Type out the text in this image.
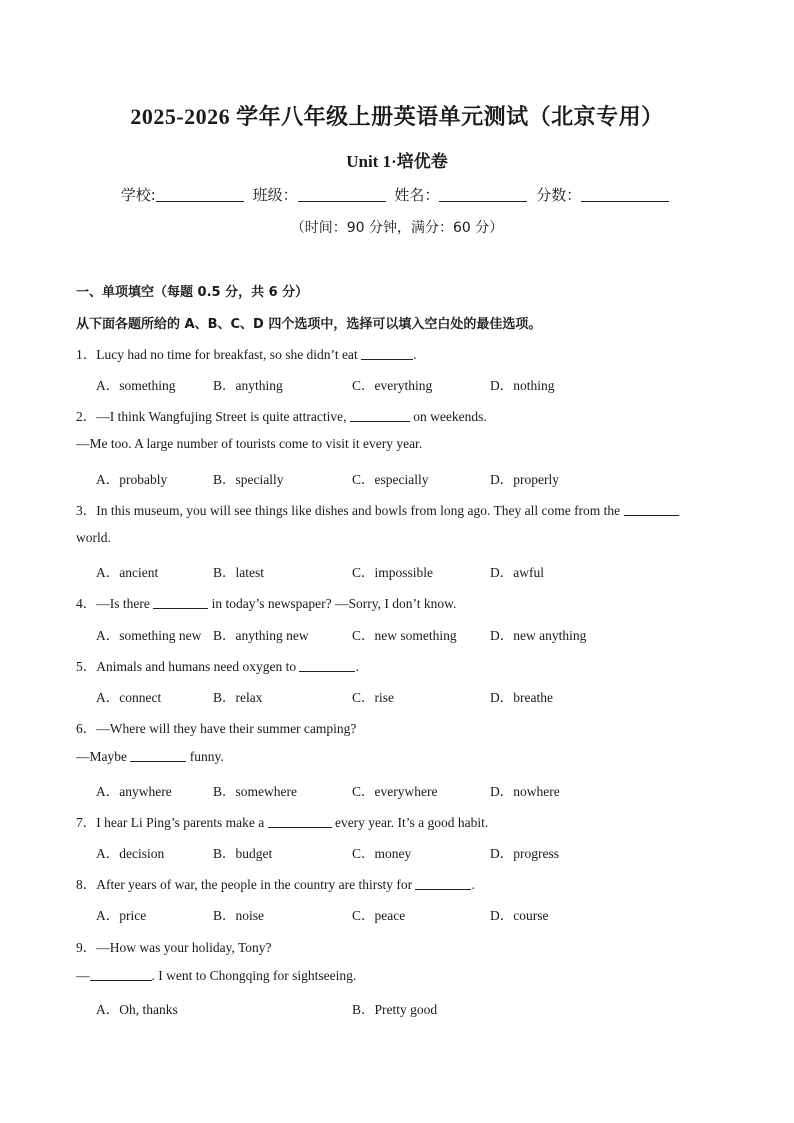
2025-2026 学年八年级上册英语单元测试（北京专用）
Unit 1·培优卷
学校:	班级：	姓名：	分数：
（时间：90 分钟，满分：60 分）
一、单项填空（每题 0.5 分，共 6 分）
从下面各题所给的 A、B、C、D 四个选项中，选择可以填入空白处的最佳选项。
1．Lucy had no time for breakfast, so she didn’t eat	.
A．something	B．anything	C．everything	D．nothing
2．—I think Wangfujing Street is quite attractive,	on weekends.
—Me too. A large number of tourists come to visit it every year.
A．probably	B．specially	C．especially	D．properly
3．In this museum, you will see things like dishes and bowls from long ago. They all come from the
world.
A．ancient	B．latest	C．impossible	D．awful
4．—Is there	in today’s newspaper? —Sorry, I don’t know.
A．something new B．anything new	C．new something D．new anything
5．Animals and humans need oxygen to	.
A．connect	B．relax	C．rise	D．breathe
6．—Where will they have their summer camping?
—Maybe	funny.
A．anywhere	B．somewhere	C．everywhere	D．nowhere
7．I hear Li Ping’s parents make a	every year. It’s a good habit.
A．decision	B．budget	C．money	D．progress
8．After years of war, the people in the country are thirsty for	.
A．price	B．noise	C．peace	D．course
9．—How was your holiday, Tony?
—	. I went to Chongqing for sightseeing.
A．Oh, thanks	B．Pretty good
